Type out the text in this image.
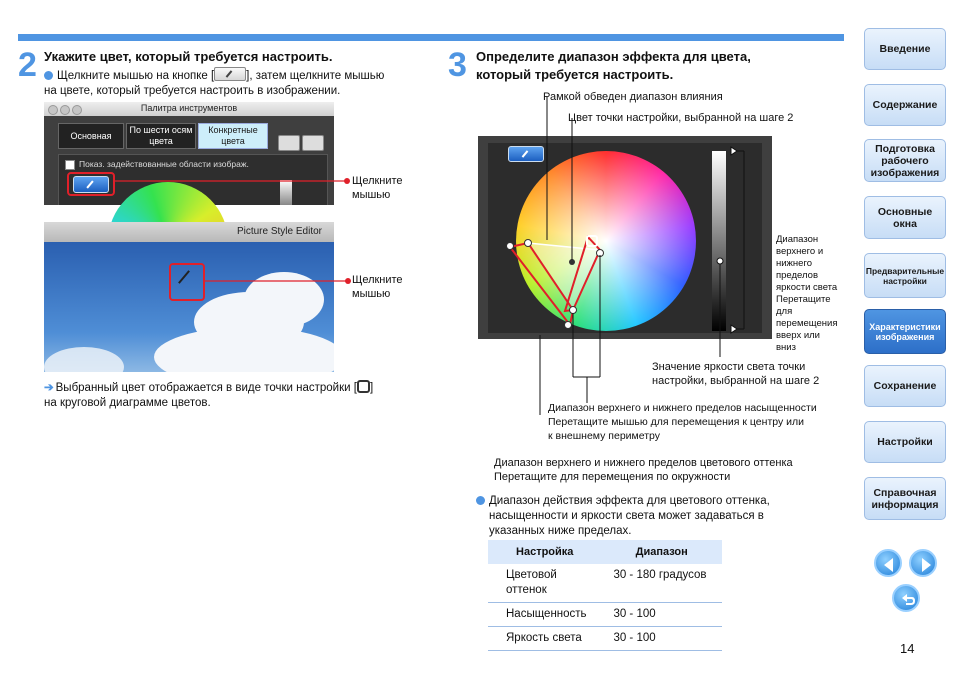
2 Укажите цвет, который требуется настроить.
Щелкните мышью на кнопке [	], затем щелкните мышью
на цвете, который требуется настроить в изображении.
Палитра инструментов
Основная
По шести осям
цвета
Конкретные
цвета
Показ. задействованные области изображ.
Щелкните
мышью
Picture Style Editor
Щелкните
мышью
➔ Выбранный цвет отображается в виде точки настройки [ ]
на круговой диаграмме цветов.
3 Определите диапазон эффекта для цвета,
который требуется настроить.
Рамкой обведен диапазон влияния
Цвет точки настройки, выбранной на шаге 2
Диапазон
верхнего и
нижнего
пределов
яркости света
Перетащите
для
перемещения
вверх или
вниз
Значение яркости света точки
настройки, выбранной на шаге 2
Диапазон верхнего и нижнего пределов насыщенности
Перетащите мышью для перемещения к центру или
к внешнему периметру
Диапазон верхнего и нижнего пределов цветового оттенка
Перетащите для перемещения по окружности
Диапазон действия эффекта для цветового оттенка,
насыщенности и яркости света может задаваться в
указанных ниже пределах.
Настройка	Диапазон
Цветовой
оттенок	30 - 180 градусов
Насыщенность	30 - 100
Яркость света	30 - 100
Введение
Содержание
Подготовка
рабочего
изображения
Основные
окна
Предварительные
настройки
Характеристики
изображения
Сохранение
Настройки
Справочная
информация
14
